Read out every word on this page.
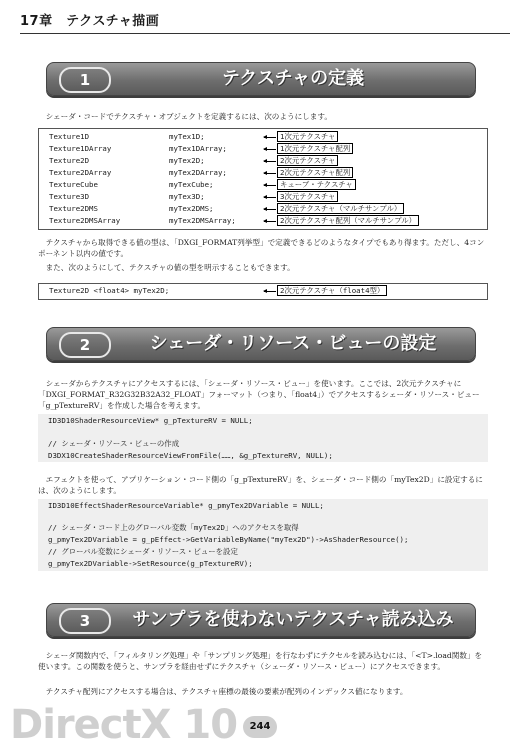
17章　テクスチャ描画
1	テクスチャの定義
シェーダ・コードでテクスチャ・オブジェクトを定義するには、次のようにします。
Texture1D	myTex1D;	1次元テクスチャ
Texture1DArray	myTex1DArray;	1次元テクスチャ配列
Texture2D	myTex2D;	2次元テクスチャ
Texture2DArray	myTex2DArray;	2次元テクスチャ配列
TextureCube	myTexCube;	キューブ・テクスチャ
Texture3D	myTex3D;	3次元テクスチャ
Texture2DMS	myTex2DMS;	2次元テクスチャ（マルチサンプル）
Texture2DMSArray	myTex2DMSArray;	2次元テクスチャ配列（マルチサンプル）
テクスチャから取得できる値の型は、「DXGI_FORMAT列挙型」で定義できるどのようなタイプでもあり得ます。ただし、4コンポーネント以内の値です。
また、次のようにして、テクスチャの値の型を明示することもできます。
Texture2D <float4> myTex2D;	2次元テクスチャ（float4型）
2	シェーダ・リソース・ビューの設定
シェーダからテクスチャにアクセスするには、「シェーダ・リソース・ビュー」を使います。ここでは、2次元テクスチャに「DXGI_FORMAT_R32G32B32A32_FLOAT」フォーマット（つまり、「float4」）でアクセスするシェーダ・リソース・ビュー「g_pTextureRV」を作成した場合を考えます。
ID3D10ShaderResourceView* g_pTextureRV = NULL;
// シェーダ・リソース・ビューの作成
D3DX10CreateShaderResourceViewFromFile(……, &g_pTextureRV, NULL);
エフェクトを使って、アプリケーション・コード側の「g_pTextureRV」を、シェーダ・コード側の「myTex2D」に設定するには、次のようにします。
ID3D10EffectShaderResourceVariable* g_pmyTex2DVariable = NULL;
// シェーダ・コード上のグローバル変数「myTex2D」へのアクセスを取得
g_pmyTex2DVariable = g_pEffect->GetVariableByName("myTex2D")->AsShaderResource();
// グローバル変数にシェーダ・リソース・ビューを設定
g_pmyTex2DVariable->SetResource(g_pTextureRV);
3	サンプラを使わないテクスチャ読み込み
シェーダ関数内で、「フィルタリング処理」や「サンプリング処理」を行なわずにテクセルを読み込むには、「<T>.load関数」を使います。この関数を使うと、サンプラを経由せずにテクスチャ（シェーダ・リソース・ビュー）にアクセスできます。
テクスチャ配列にアクセスする場合は、テクスチャ座標の最後の要素が配列のインデックス値になります。
DirectX 10	244
